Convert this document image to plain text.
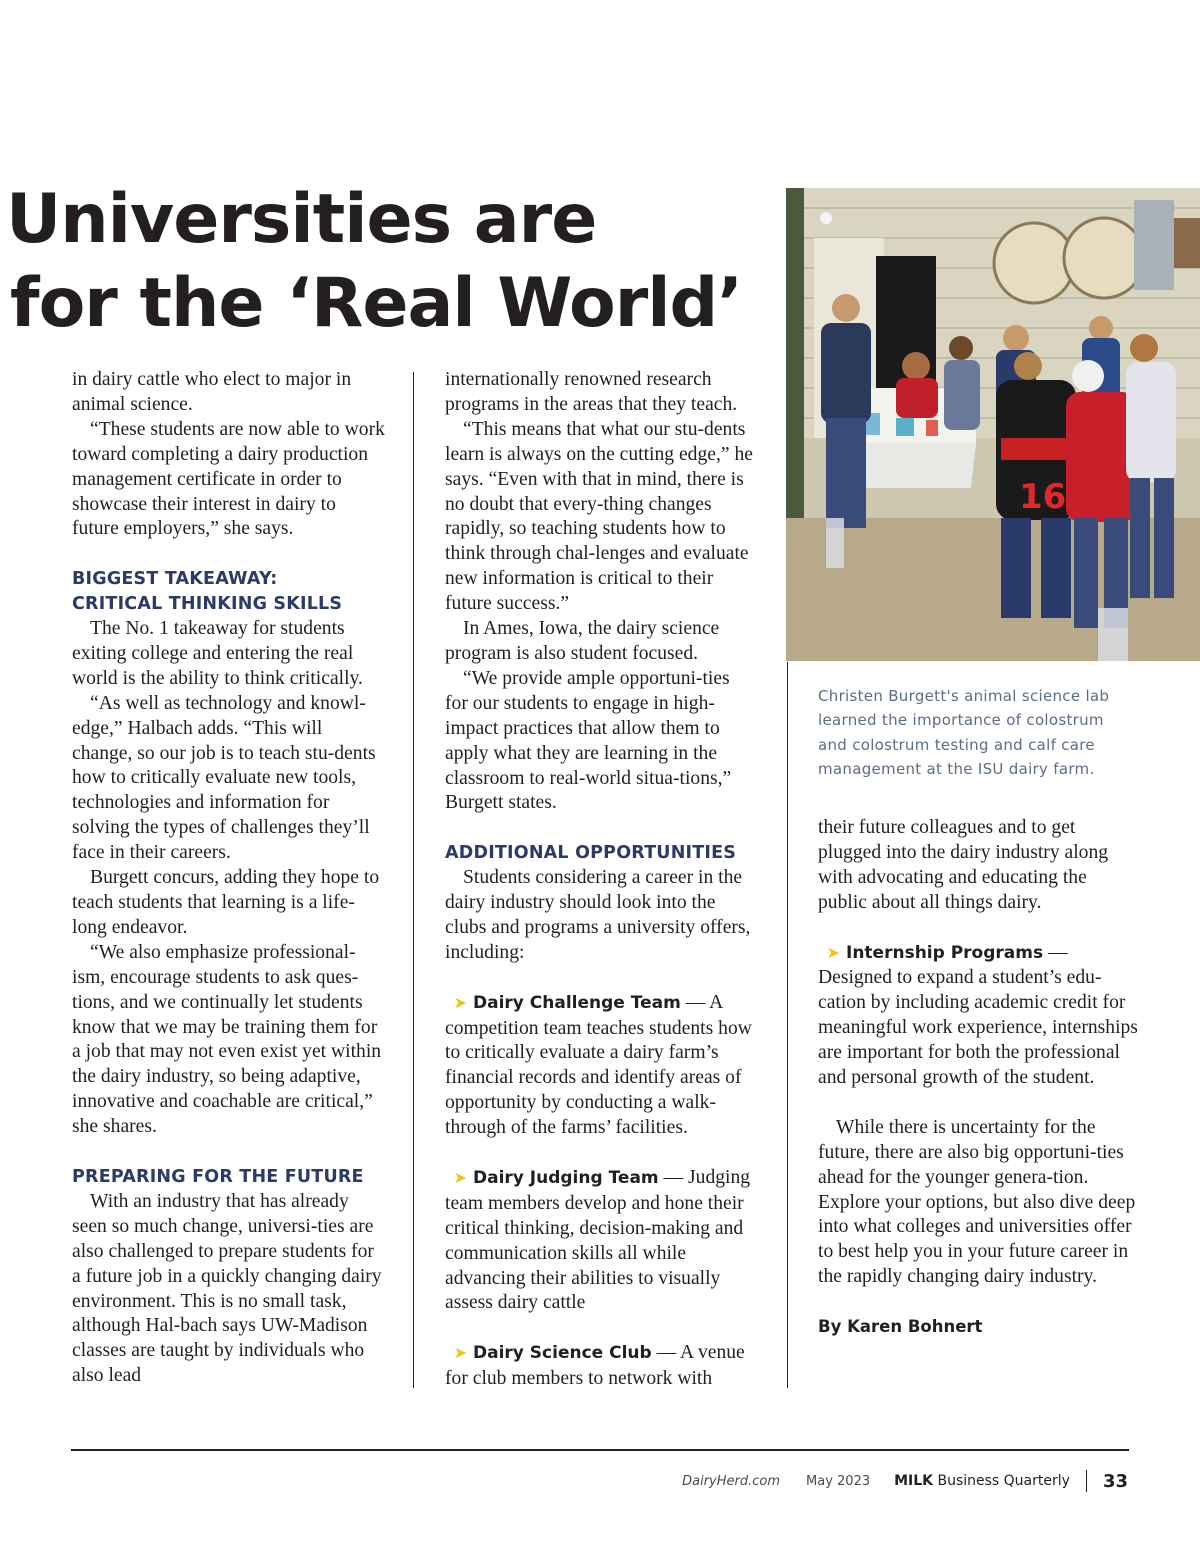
Universities are
for the ‘Real World’

in dairy cattle who elect to major in animal science.

“These students are now able to work toward completing a dairy production management certificate in order to showcase their interest in dairy to future employers,” she says.

BIGGEST TAKEAWAY:

CRITICAL THINKING SKILLS

The No. 1 takeaway for students exiting college and entering the real world is the ability to think critically.

“As well as technology and knowl-edge,” Halbach adds. “This will change, so our job is to teach stu-dents how to critically evaluate new tools, technologies and information for solving the types of challenges they’ll face in their careers.

Burgett concurs, adding they hope to teach students that learning is a life-long endeavor.

“We also emphasize professional-ism, encourage students to ask ques-tions, and we continually let students know that we may be training them for a job that may not even exist yet within the dairy industry, so being adaptive, innovative and coachable are critical,” she shares.

PREPARING FOR THE FUTURE

With an industry that has already seen so much change, universi-ties are also challenged to prepare students for a future job in a quickly changing dairy environment. This is no small task, although Hal-bach says UW-Madison classes are taught by individuals who also lead

internationally renowned research programs in the areas that they teach.

“This means that what our stu-dents learn is always on the cutting edge,” he says. “Even with that in mind, there is no doubt that every-thing changes rapidly, so teaching students how to think through chal-lenges and evaluate new information is critical to their future success.”

In Ames, Iowa, the dairy science program is also student focused.

“We provide ample opportuni-ties for our students to engage in high-impact practices that allow them to apply what they are learning in the classroom to real-world situa-tions,” Burgett states.

ADDITIONAL OPPORTUNITIES

Students considering a career in the dairy industry should look into the clubs and programs a university offers, including:

➤ Dairy Challenge Team — A competition team teaches students how to critically evaluate a dairy farm’s financial records and identify areas of opportunity by conducting a walk-through of the farms’ facilities.

➤ Dairy Judging Team — Judging team members develop and hone their critical thinking, decision-making and communication skills all while advancing their abilities to visually assess dairy cattle

➤ Dairy Science Club — A venue for club members to network with

16

Christen Burgett's animal science lab learned the importance of colostrum and colostrum testing and calf care management at the ISU dairy farm.

their future colleagues and to get plugged into the dairy industry along with advocating and educating the public about all things dairy.

➤ Internship Programs — Designed to expand a student’s edu-cation by including academic credit for meaningful work experience, internships are important for both the professional and personal growth of the student.

While there is uncertainty for the future, there are also big opportuni-ties ahead for the younger genera-tion. Explore your options, but also dive deep into what colleges and universities offer to best help you in your future career in the rapidly changing dairy industry.

By Karen Bohnert

DairyHerd.com May 2023 MILK Business Quarterly 33
